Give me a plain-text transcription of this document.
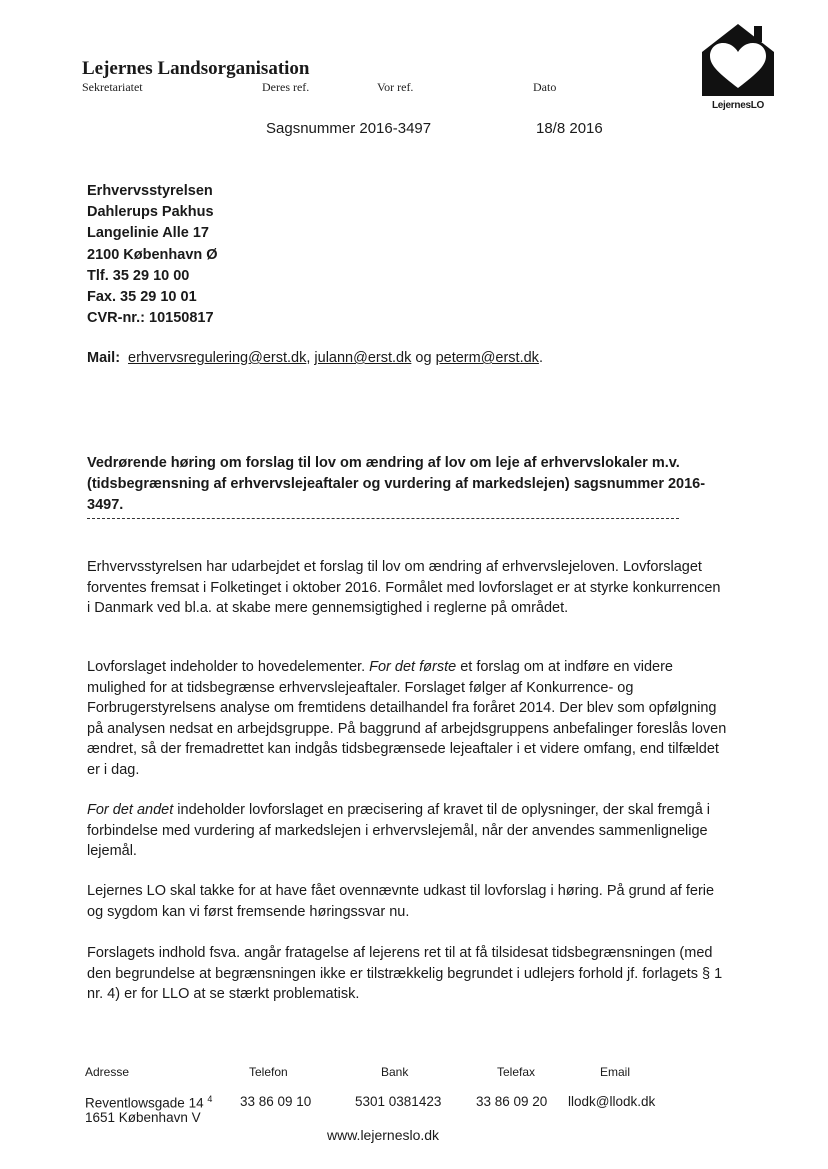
Lejernes Landsorganisation
Sekretariatet	Deres ref.	Vor ref.	Dato
Sagsnummer 2016-3497	18/8 2016
LejernesLO
Erhvervsstyrelsen
Dahlerups Pakhus
Langelinie Alle 17
2100 København Ø
Tlf. 35 29 10 00
Fax. 35 29 10 01
CVR-nr.: 10150817
Mail: erhvervsregulering@erst.dk, julann@erst.dk og peterm@erst.dk.
Vedrørende høring om forslag til lov om ændring af lov om leje af erhvervslokaler m.v. (tidsbegrænsning af erhvervslejeaftaler og vurdering af markedslejen) sagsnummer 2016-3497.

Erhvervsstyrelsen har udarbejdet et forslag til lov om ændring af erhvervslejeloven. Lovforslaget forventes fremsat i Folketinget i oktober 2016. Formålet med lovforslaget er at styrke konkurrencen i Danmark ved bl.a. at skabe mere gennemsigtighed i reglerne på området.

Lovforslaget indeholder to hovedelementer. For det første et forslag om at indføre en videre mulighed for at tidsbegrænse erhvervslejeaftaler. Forslaget følger af Konkurrence- og Forbrugerstyrelsens analyse om fremtidens detailhandel fra foråret 2014. Der blev som opfølgning på analysen nedsat en arbejdsgruppe. På baggrund af arbejdsgruppens anbefalinger foreslås loven ændret, så der fremadrettet kan indgås tidsbegrænsede lejeaftaler i et videre omfang, end tilfældet er i dag.

For det andet indeholder lovforslaget en præcisering af kravet til de oplysninger, der skal fremgå i forbindelse med vurdering af markedslejen i erhvervslejemål, når der anvendes sammenlignelige lejemål.

Lejernes LO skal takke for at have fået ovennævnte udkast til lovforslag i høring. På grund af ferie og sygdom kan vi først fremsende høringssvar nu.

Forslagets indhold fsva. angår fratagelse af lejerens ret til at få tilsidesat tidsbegrænsningen (med den begrundelse at begrænsningen ikke er tilstrækkelig begrundet i udlejers forhold jf. forlagets § 1 nr. 4) er for LLO at se stærkt problematisk.

Adresse	Telefon	Bank	Telefax	Email
Reventlowsgade 14 $^4$
1651 København V
33 86 09 10	5301 0381423	33 86 09 20 llodk@llodk.dk
www.lejerneslo.dk
